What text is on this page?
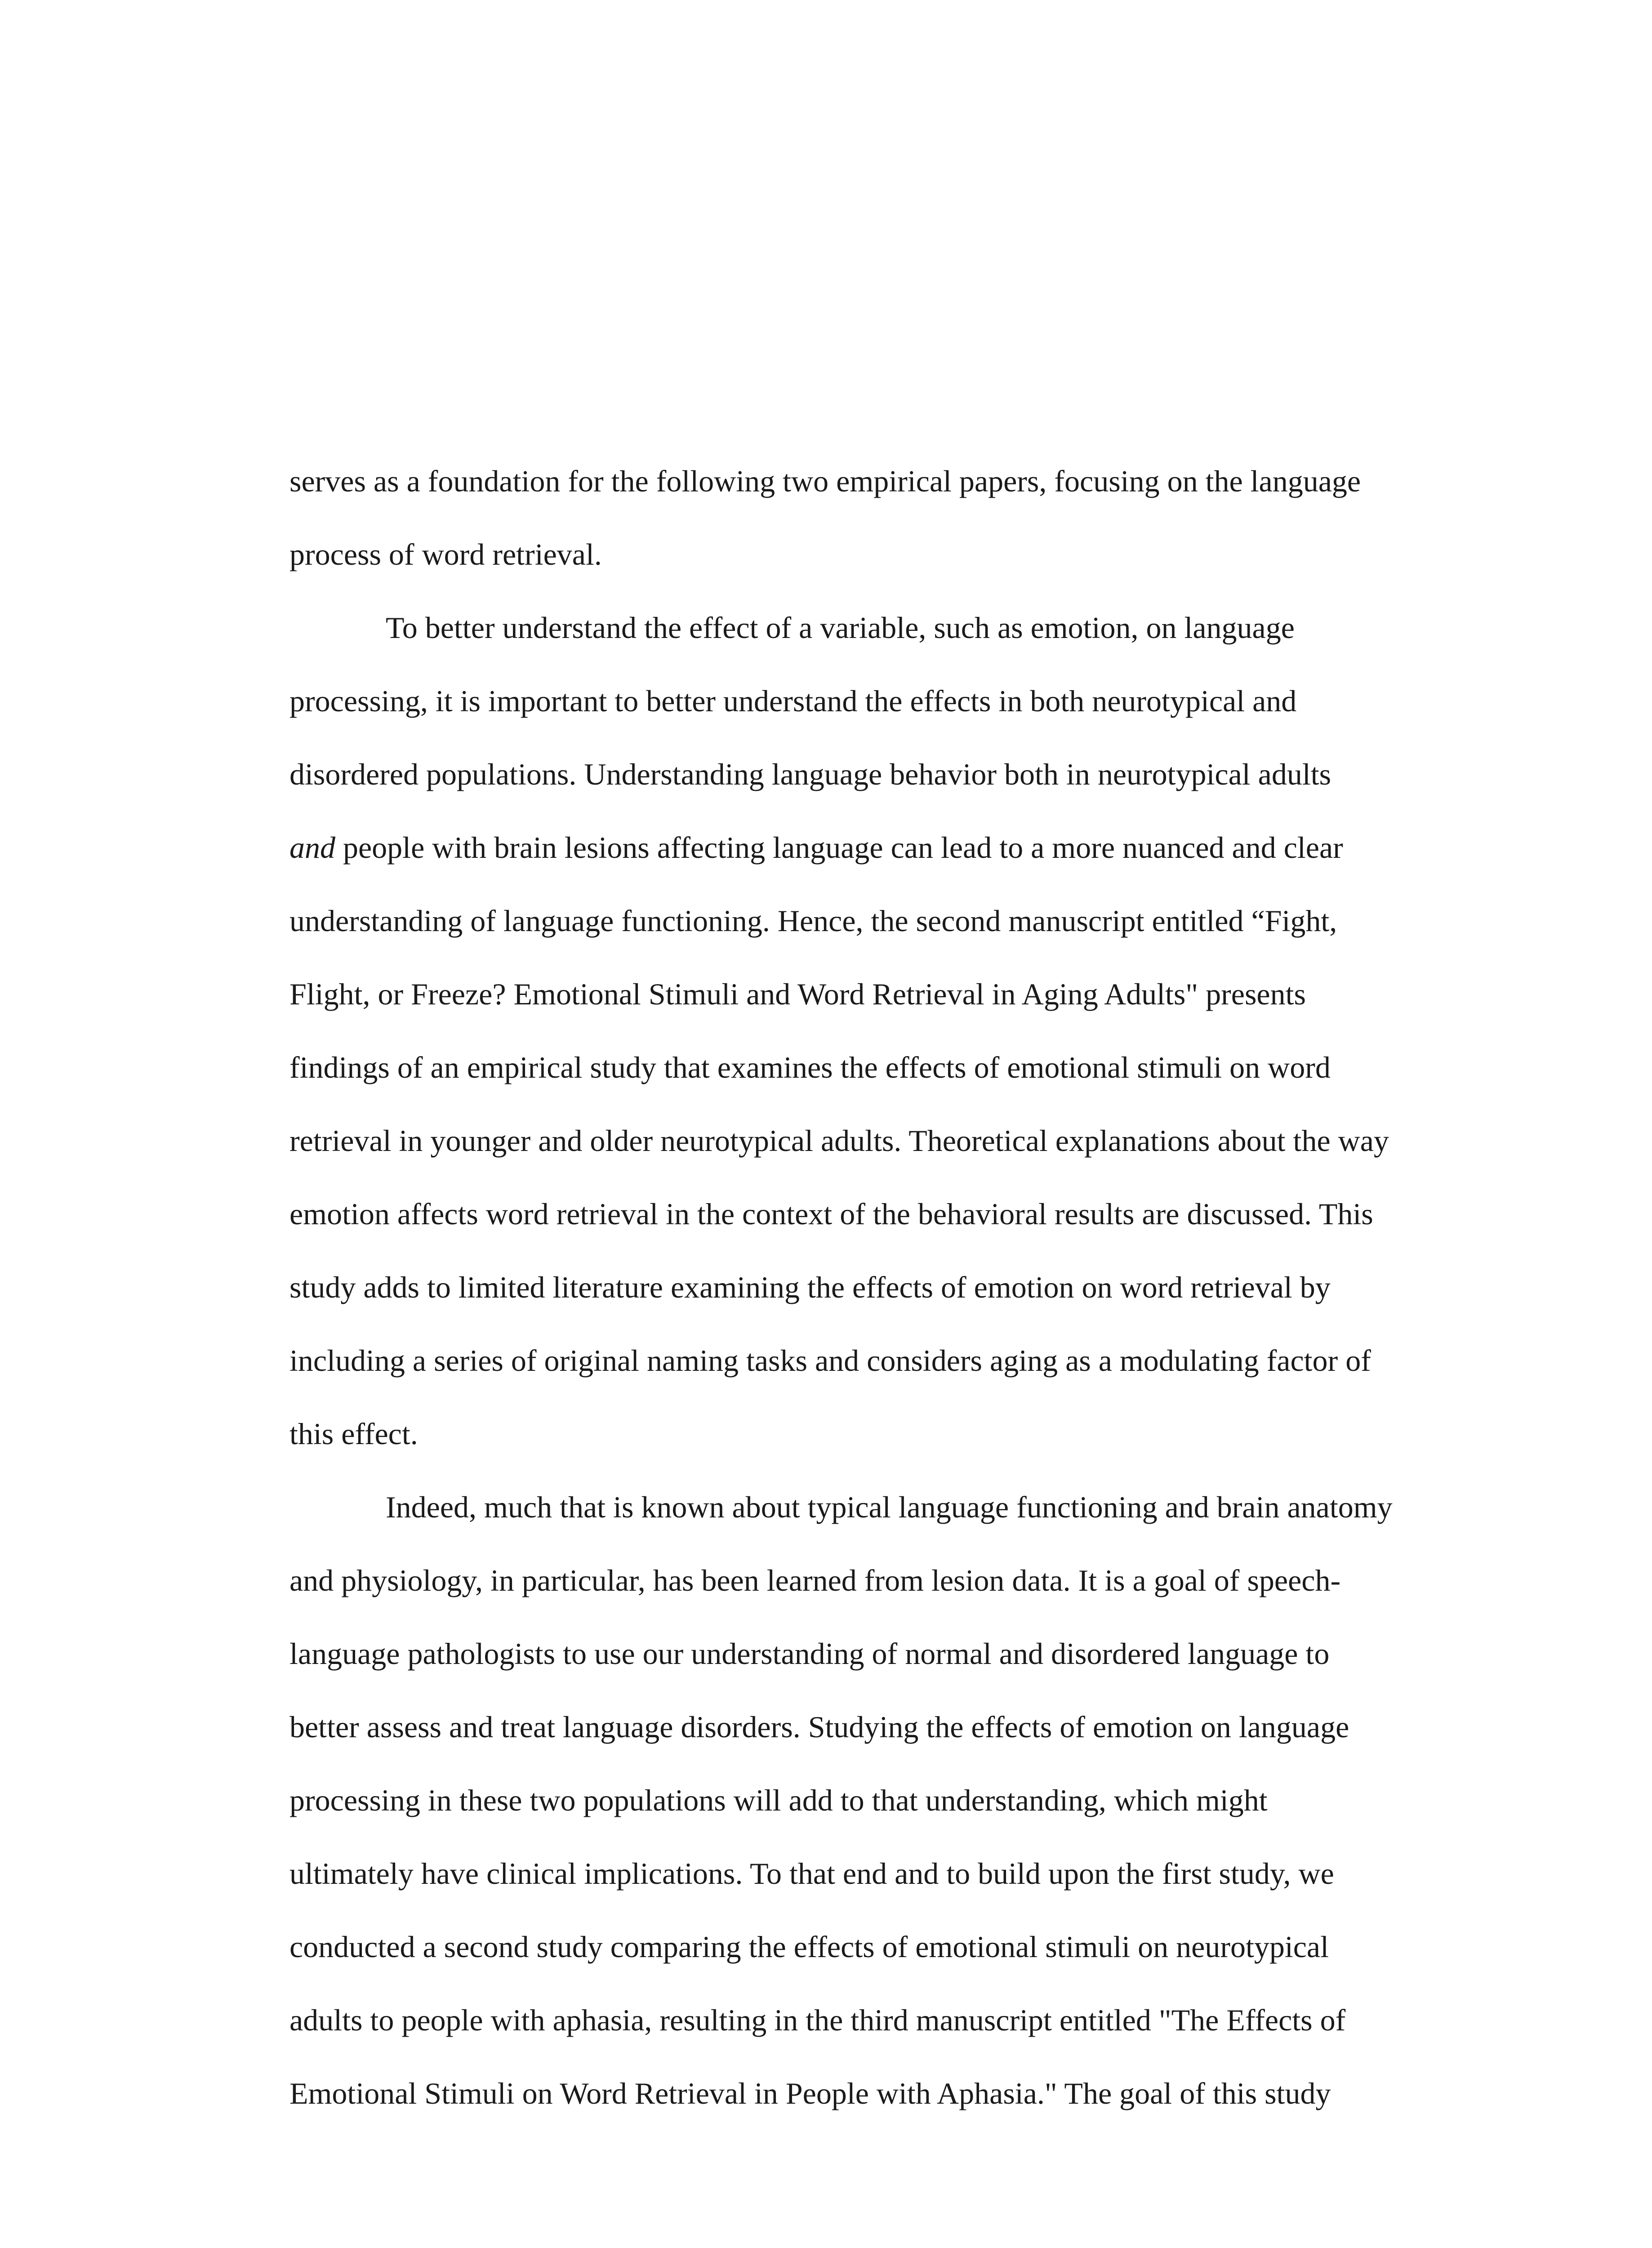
serves as a foundation for the following two empirical papers, focusing on the language

process of word retrieval.

To better understand the effect of a variable, such as emotion, on language

processing, it is important to better understand the effects in both neurotypical and

disordered populations. Understanding language behavior both in neurotypical adults

and people with brain lesions affecting language can lead to a more nuanced and clear

understanding of language functioning. Hence, the second manuscript entitled “Fight,

Flight, or Freeze? Emotional Stimuli and Word Retrieval in Aging Adults" presents

findings of an empirical study that examines the effects of emotional stimuli on word

retrieval in younger and older neurotypical adults. Theoretical explanations about the way

emotion affects word retrieval in the context of the behavioral results are discussed. This

study adds to limited literature examining the effects of emotion on word retrieval by

including a series of original naming tasks and considers aging as a modulating factor of

this effect.

Indeed, much that is known about typical language functioning and brain anatomy

and physiology, in particular, has been learned from lesion data. It is a goal of speech-

language pathologists to use our understanding of normal and disordered language to

better assess and treat language disorders. Studying the effects of emotion on language

processing in these two populations will add to that understanding, which might

ultimately have clinical implications. To that end and to build upon the first study, we

conducted a second study comparing the effects of emotional stimuli on neurotypical

adults to people with aphasia, resulting in the third manuscript entitled "The Effects of

Emotional Stimuli on Word Retrieval in People with Aphasia." The goal of this study
